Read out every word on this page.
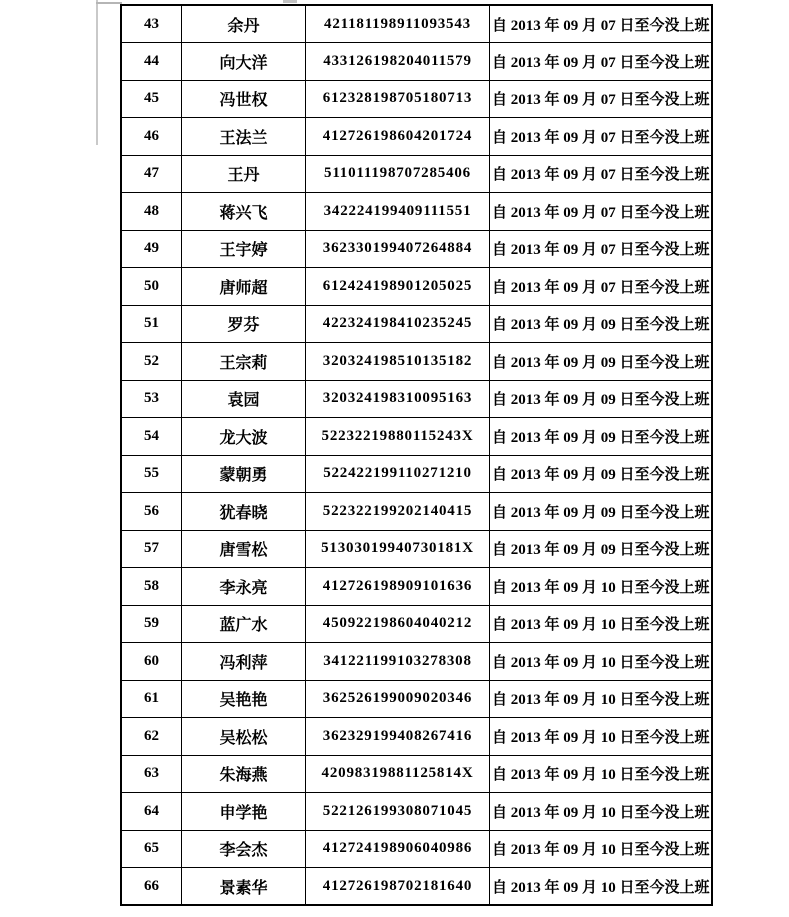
43	余丹	421181198911093543	自 2013 年 09 月 07 日至今没上班
44	向大洋	433126198204011579	自 2013 年 09 月 07 日至今没上班
45	冯世权	612328198705180713	自 2013 年 09 月 07 日至今没上班
46	王法兰	412726198604201724	自 2013 年 09 月 07 日至今没上班
47	王丹	511011198707285406	自 2013 年 09 月 07 日至今没上班
48	蒋兴飞	342224199409111551	自 2013 年 09 月 07 日至今没上班
49	王宇婷	362330199407264884	自 2013 年 09 月 07 日至今没上班
50	唐师超	612424198901205025	自 2013 年 09 月 07 日至今没上班
51	罗芬	422324198410235245	自 2013 年 09 月 09 日至今没上班
52	王宗莉	320324198510135182	自 2013 年 09 月 09 日至今没上班
53	袁园	320324198310095163	自 2013 年 09 月 09 日至今没上班
54	龙大波	52232219880115243X	自 2013 年 09 月 09 日至今没上班
55	蒙朝勇	522422199110271210	自 2013 年 09 月 09 日至今没上班
56	犹春晓	522322199202140415	自 2013 年 09 月 09 日至今没上班
57	唐雪松	51303019940730181X	自 2013 年 09 月 09 日至今没上班
58	李永亮	412726198909101636	自 2013 年 09 月 10 日至今没上班
59	蓝广水	450922198604040212	自 2013 年 09 月 10 日至今没上班
60	冯利萍	341221199103278308	自 2013 年 09 月 10 日至今没上班
61	吴艳艳	362526199009020346	自 2013 年 09 月 10 日至今没上班
62	吴松松	362329199408267416	自 2013 年 09 月 10 日至今没上班
63	朱海燕	42098319881125814X	自 2013 年 09 月 10 日至今没上班
64	申学艳	522126199308071045	自 2013 年 09 月 10 日至今没上班
65	李会杰	412724198906040986	自 2013 年 09 月 10 日至今没上班
66	景素华	412726198702181640	自 2013 年 09 月 10 日至今没上班
